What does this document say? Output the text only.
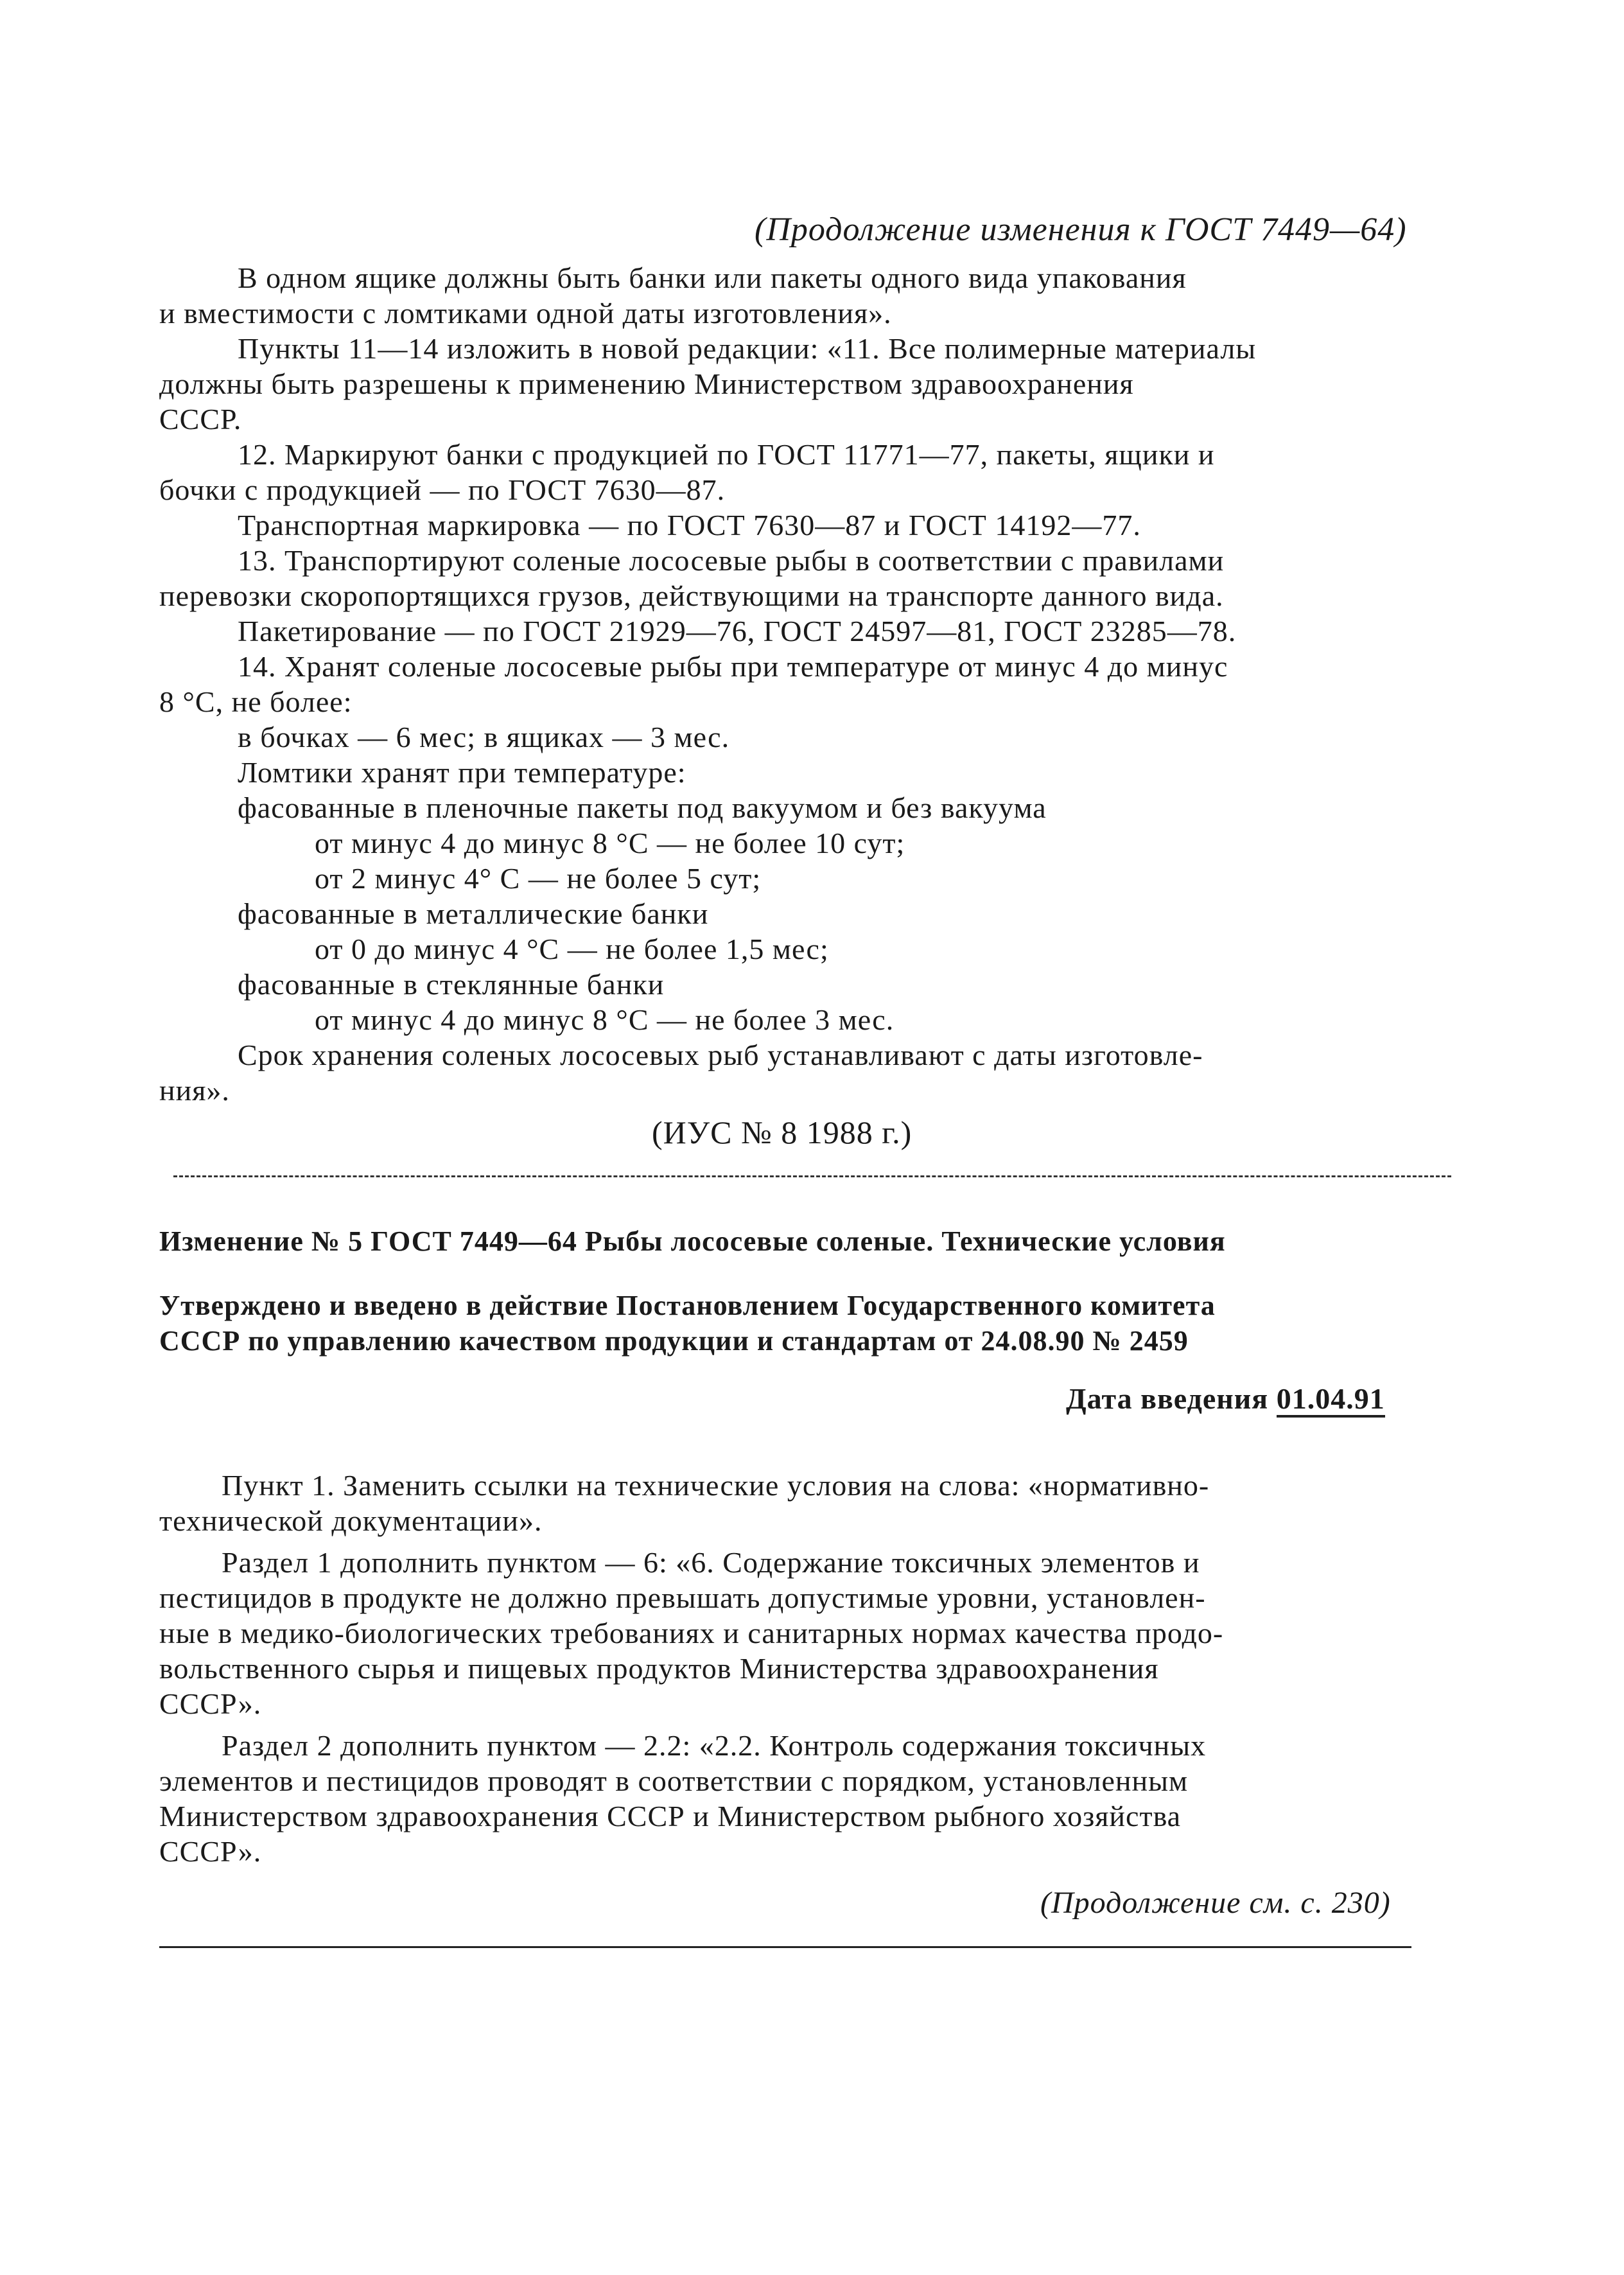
(Продолжение изменения к ГОСТ 7449—64)
В одном ящике должны быть банки или пакеты одного вида упакования
и вместимости с ломтиками одной даты изготовления».
Пункты 11—14 изложить в новой редакции: «11. Все полимерные материалы
должны быть разрешены к применению Министерством здравоохранения
СССР.
12. Маркируют банки с продукцией по ГОСТ 11771—77, пакеты, ящики и
бочки с продукцией — по ГОСТ 7630—87.
Транспортная маркировка — по ГОСТ 7630—87 и ГОСТ 14192—77.
13. Транспортируют соленые лососевые рыбы в соответствии с правилами
перевозки скоропортящихся грузов, действующими на транспорте данного вида.
Пакетирование — по ГОСТ 21929—76, ГОСТ 24597—81, ГОСТ 23285—78.
14. Хранят соленые лососевые рыбы при температуре от минус 4 до минус
8 °С, не более:
в бочках — 6 мес; в ящиках — 3 мес.
Ломтики хранят при температуре:
фасованные в пленочные пакеты под вакуумом и без вакуума
от минус 4 до минус 8 °С — не более 10 сут;
от 2 минус 4° С — не более 5 сут;
фасованные в металлические банки
от 0 до минус 4 °С — не более 1,5 мес;
фасованные в стеклянные банки
от минус 4 до минус 8 °С — не более 3 мес.
Срок хранения соленых лососевых рыб устанавливают с даты изготовле-
ния».
(ИУС № 8 1988 г.)
Изменение № 5 ГОСТ 7449—64 Рыбы лососевые соленые. Технические условия
Утверждено и введено в действие Постановлением Государственного комитета
СССР по управлению качеством продукции и стандартам от 24.08.90 № 2459
Дата введения 01.04.91
Пункт 1. Заменить ссылки на технические условия на слова: «нормативно-
технической документации».
Раздел 1 дополнить пунктом — 6: «6. Содержание токсичных элементов и
пестицидов в продукте не должно превышать допустимые уровни, установлен-
ные в медико-биологических требованиях и санитарных нормах качества продо-
вольственного сырья и пищевых продуктов Министерства здравоохранения
СССР».
Раздел 2 дополнить пунктом — 2.2: «2.2. Контроль содержания токсичных
элементов и пестицидов проводят в соответствии с порядком, установленным
Министерством здравоохранения СССР и Министерством рыбного хозяйства
СССР».
(Продолжение см. с. 230)
